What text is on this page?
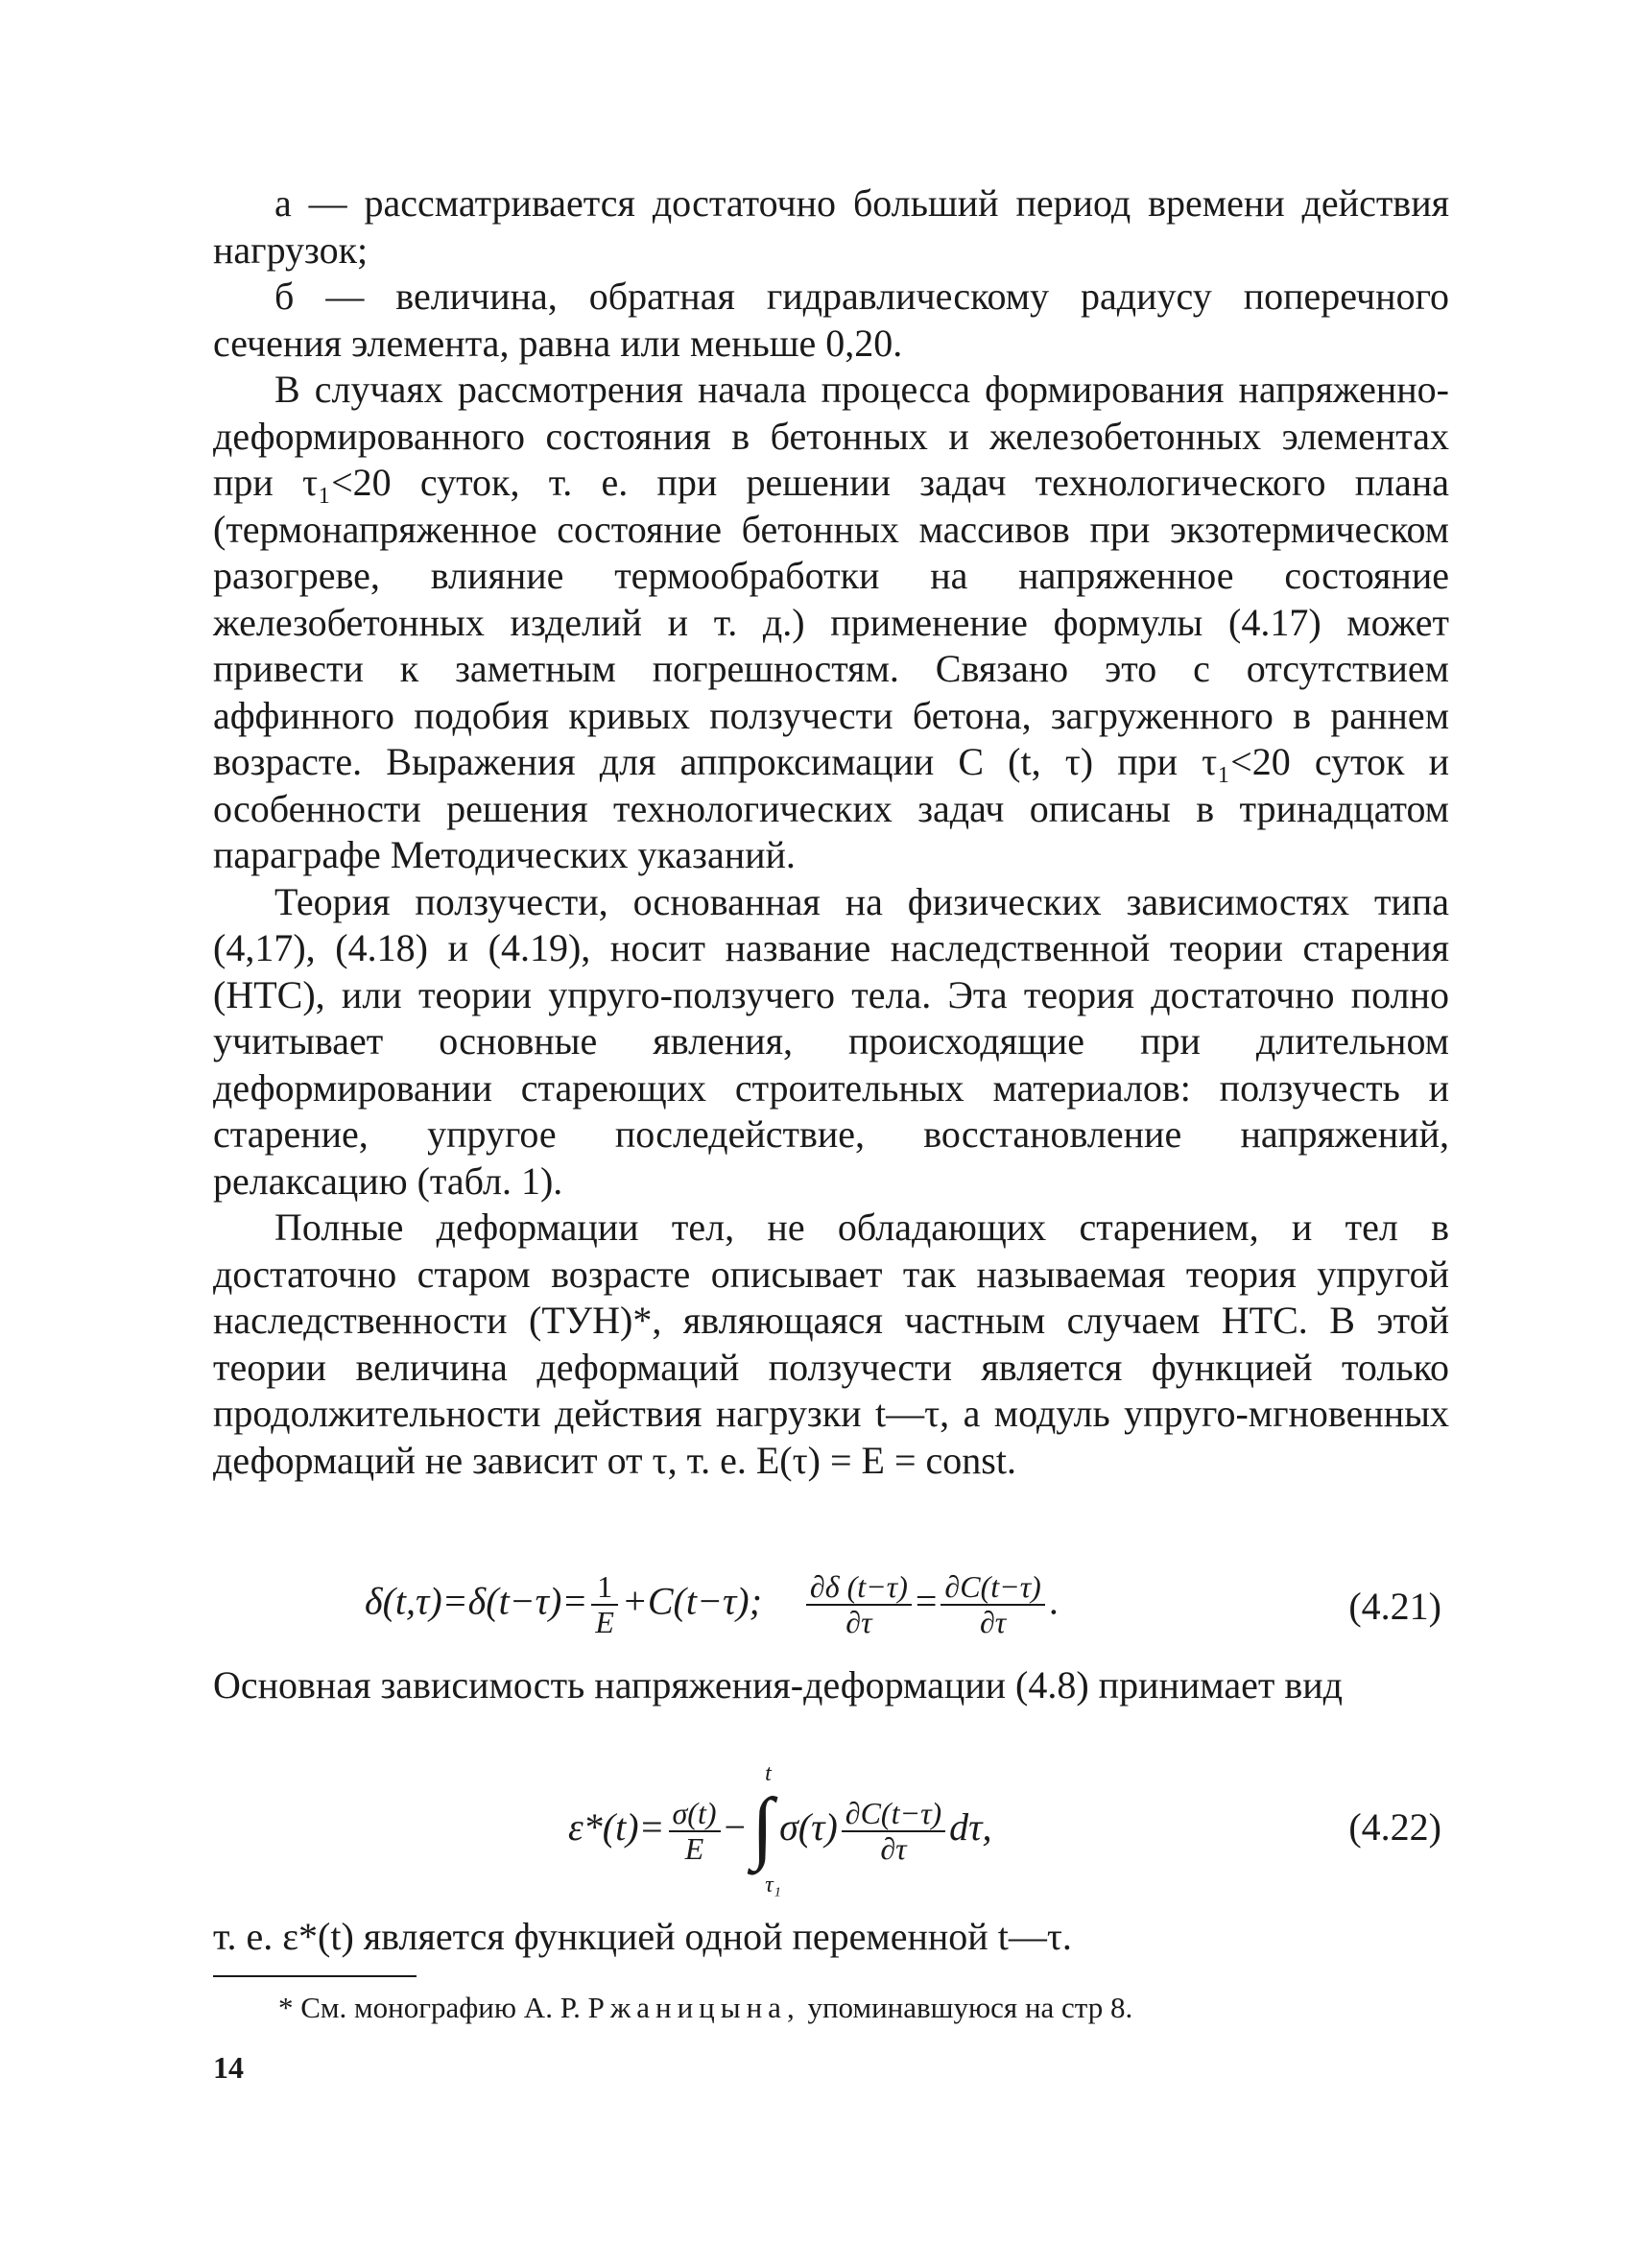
а — рассматривается достаточно больший период времени действия нагрузок;

б — величина, обратная гидравлическому радиусу поперечного сечения элемента, равна или меньше 0,20.

В случаях рассмотрения начала процесса формирования напряженно-деформированного состояния в бетонных и железобетонных элементах при τ₁<20 суток, т. е. при решении задач технологического плана (термонапряженное состояние бетонных массивов при экзотермическом разогреве, влияние термообработки на напряженное состояние железобетонных изделий и т. д.) применение формулы (4.17) может привести к заметным погрешностям. Связано это с отсутствием аффинного подобия кривых ползучести бетона, загруженного в раннем возрасте. Выражения для аппроксимации C (t, τ) при τ₁<20 суток и особенности решения технологических задач описаны в тринадцатом параграфе Методических указаний.

Теория ползучести, основанная на физических зависимостях типа (4,17), (4.18) и (4.19), носит название наследственной теории старения (НТС), или теории упруго-ползучего тела. Эта теория достаточно полно учитывает основные явления, происходящие при длительном деформировании стареющих строительных материалов: ползучесть и старение, упругое последействие, восстановление напряжений, релаксацию (табл. 1).

Полные деформации тел, не обладающих старением, и тел в достаточно старом возрасте описывает так называемая теория упругой наследственности (ТУН)*, являющаяся частным случаем НТС. В этой теории величина деформаций ползучести является функцией только продолжительности действия нагрузки t—τ, а модуль упруго-мгновенных деформаций не зависит от τ, т. е. E(τ) = E = const.

$\delta(t,\tau)=\delta(t-\tau)= \frac{1}{E} +C(t-\tau)$; $\frac{\partial\delta (t-\tau)}{\partial\tau} = \frac{\partial C(t-\tau)}{\partial\tau}$ .	(4.21)

Основная зависимость напряжения-деформации (4.8) принимает вид

$\varepsilon*(t)= \frac{\sigma(t)}{E}$ −∫
t
τ₁
$\sigma(\tau) \frac{\partial C(t-\tau)}{\partial\tau} d\tau$,	(4.22)

т. е. ε*(t) является функцией одной переменной t—τ.

* См. монографию А. Р. Ржаницына, упоминавшуюся на стр 8.
14
